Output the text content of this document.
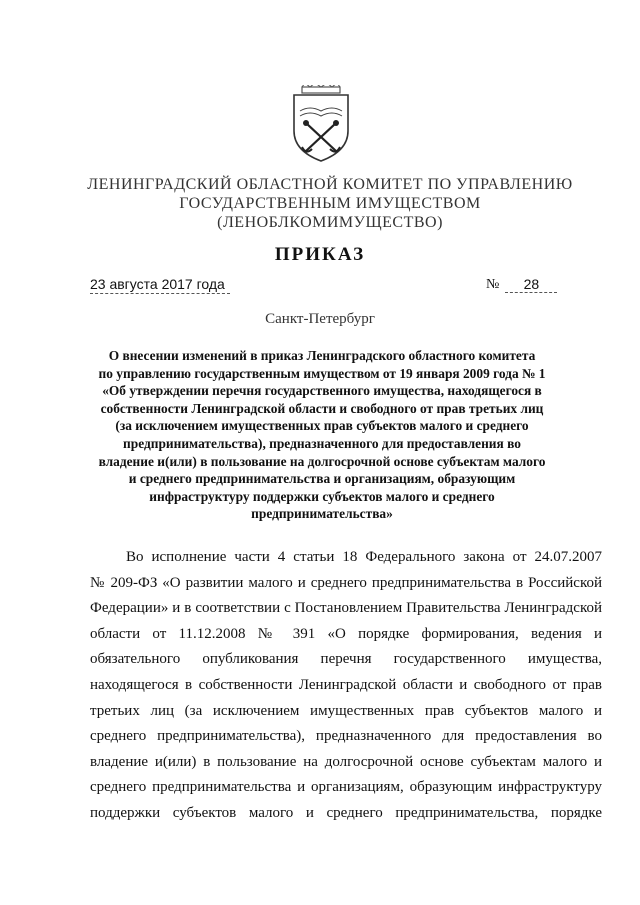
ЛЕНИНГРАДСКИЙ ОБЛАСТНОЙ КОМИТЕТ ПО УПРАВЛЕНИЮ
ГОСУДАРСТВЕННЫМ ИМУЩЕСТВОМ
(ЛЕНОБЛКОМИМУЩЕСТВО)
ПРИКАЗ
23 августа 2017 года	№	28
Санкт-Петербург
О внесении изменений в приказ Ленинградского областного комитета
по управлению государственным имуществом от 19 января 2009 года № 1
«Об утверждении перечня государственного имущества, находящегося в
собственности Ленинградской области и свободного от прав третьих лиц
(за исключением имущественных прав субъектов малого и среднего
предпринимательства), предназначенного для предоставления во
владение и(или) в пользование на долгосрочной основе субъектам малого
и среднего предпринимательства и организациям, образующим
инфраструктуру поддержки субъектов малого и среднего
предпринимательства»
Во исполнение части 4 статьи 18 Федерального закона от 24.07.2007
№ 209-ФЗ «О развитии малого и среднего предпринимательства в Российской
Федерации» и в соответствии с Постановлением Правительства Ленинградской
области от 11.12.2008 № 391 «О порядке формирования, ведения и
обязательного опубликования перечня государственного имущества,
находящегося в собственности Ленинградской области и свободного от прав
третьих лиц (за исключением имущественных прав субъектов малого и
среднего предпринимательства), предназначенного для предоставления во
владение и(или) в пользование на долгосрочной основе субъектам малого и
среднего предпринимательства и организациям, образующим инфраструктуру
поддержки субъектов малого и среднего предпринимательства, порядке
